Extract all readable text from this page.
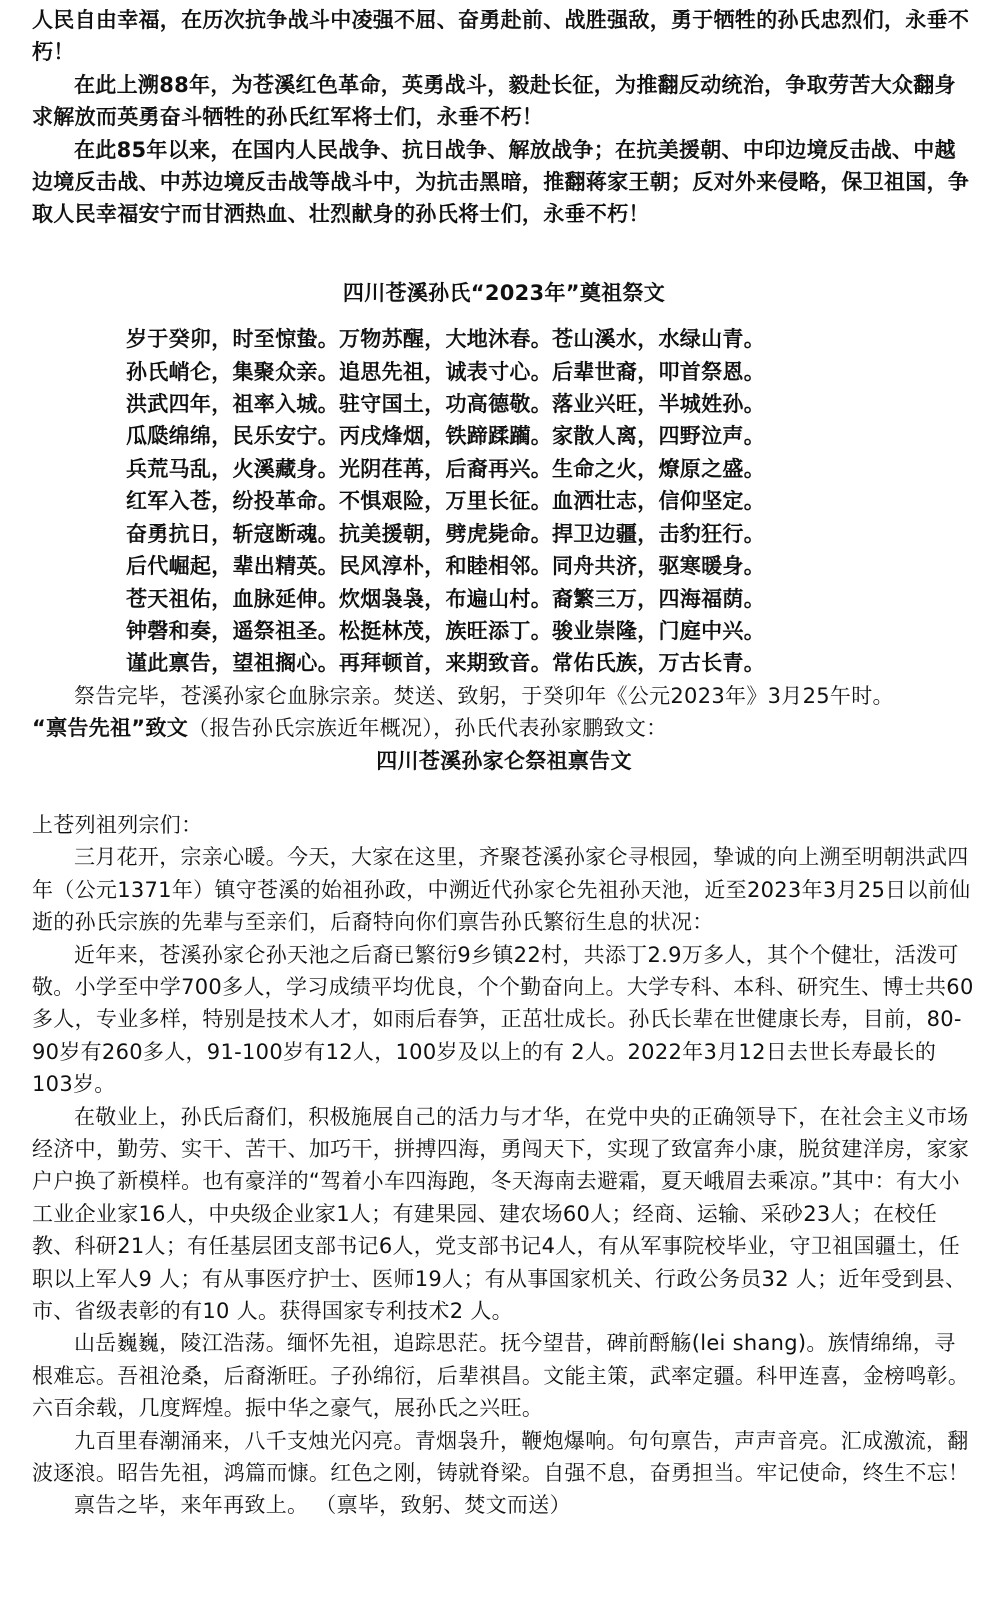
人民自由幸福，在历次抗争战斗中凌强不屈、奋勇赴前、战胜强敌，勇于牺牲的孙氏忠烈们，永垂不朽！

在此上溯88年，为苍溪红色革命，英勇战斗，毅赴长征，为推翻反动统治，争取劳苦大众翻身求解放而英勇奋斗牺牲的孙氏红军将士们，永垂不朽！

在此85年以来，在国内人民战争、抗日战争、解放战争；在抗美援朝、中印边境反击战、中越边境反击战、中苏边境反击战等战斗中，为抗击黑暗，推翻蒋家王朝；反对外来侵略，保卫祖国，争取人民幸福安宁而甘洒热血、壮烈献身的孙氏将士们，永垂不朽！

四川苍溪孙氏“2023年”奠祖祭文

岁于癸卯，时至惊蛰。万物苏醒，大地沐春。苍山溪水，水绿山青。

孙氏峭仑，集聚众亲。追思先祖，诚表寸心。后辈世裔，叩首祭恩。

洪武四年，祖率入城。驻守国土，功高德敬。落业兴旺，半城姓孙。

瓜瓞绵绵，民乐安宁。丙戌烽烟，铁蹄蹂躏。家散人离，四野泣声。

兵荒马乱，火溪藏身。光阴荏苒，后裔再兴。生命之火，燎原之盛。

红军入苍，纷投革命。不惧艰险，万里长征。血洒壮志，信仰坚定。

奋勇抗日，斩寇断魂。抗美援朝，劈虎毙命。捍卫边疆，击豹狂行。

后代崛起，辈出精英。民风淳朴，和睦相邻。同舟共济，驱寒暖身。

苍天祖佑，血脉延伸。炊烟袅袅，布遍山村。裔繁三万，四海福荫。

钟磬和奏，遥祭祖圣。松挺林茂，族旺添丁。骏业崇隆，门庭中兴。

谨此禀告，望祖搁心。再拜顿首，来期致音。常佑氏族，万古长青。

祭告完毕，苍溪孙家仑血脉宗亲。焚送、致躬，于癸卯年《公元2023年》3月25午时。

“禀告先祖”致文（报告孙氏宗族近年概况），孙氏代表孙家鹏致文：

四川苍溪孙家仑祭祖禀告文

上苍列祖列宗们：

三月花开，宗亲心暖。今天，大家在这里，齐聚苍溪孙家仑寻根园，挚诚的向上溯至明朝洪武四年（公元1371年）镇守苍溪的始祖孙政，中溯近代孙家仑先祖孙天池，近至2023年3月25日以前仙逝的孙氏宗族的先辈与至亲们，后裔特向你们禀告孙氏繁衍生息的状况：

近年来，苍溪孙家仑孙天池之后裔已繁衍9乡镇22村，共添丁2.9万多人，其个个健壮，活泼可敬。小学至中学700多人，学习成绩平均优良，个个勤奋向上。大学专科、本科、研究生、博士共60多人，专业多样，特别是技术人才，如雨后春笋，正茁壮成长。孙氏长辈在世健康长寿，目前，80-90岁有260多人，91-100岁有12人，100岁及以上的有 2人。2022年3月12日去世长寿最长的103岁。

在敬业上，孙氏后裔们，积极施展自己的活力与才华，在党中央的正确领导下，在社会主义市场经济中，勤劳、实干、苦干、加巧干，拼搏四海，勇闯天下，实现了致富奔小康，脱贫建洋房，家家户户换了新模样。也有豪洋的“驾着小车四海跑，冬天海南去避霜，夏天峨眉去乘凉。”其中：有大小工业企业家16人，中央级企业家1人；有建果园、建农场60人；经商、运输、采砂23人；在校任教、科研21人；有任基层团支部书记6人，党支部书记4人，有从军事院校毕业，守卫祖国疆土，任职以上军人9 人；有从事医疗护士、医师19人；有从事国家机关、行政公务员32 人；近年受到县、市、省级表彰的有10 人。获得国家专利技术2 人。

山岳巍巍，陵江浩荡。缅怀先祖，追踪思茫。抚今望昔，碑前酹觞(lei shang)。族情绵绵，寻根难忘。吾祖沧桑，后裔渐旺。子孙绵衍，后辈祺昌。文能主策，武率定疆。科甲连喜，金榜鸣彰。六百余载，几度辉煌。振中华之豪气，展孙氏之兴旺。

九百里春潮涌来，八千支烛光闪亮。青烟袅升，鞭炮爆响。句句禀告，声声音亮。汇成激流，翻波逐浪。昭告先祖，鸿篇而慷。红色之刚，铸就脊梁。自强不息，奋勇担当。牢记使命，终生不忘！

禀告之毕，来年再致上。 （禀毕，致躬、焚文而送）
